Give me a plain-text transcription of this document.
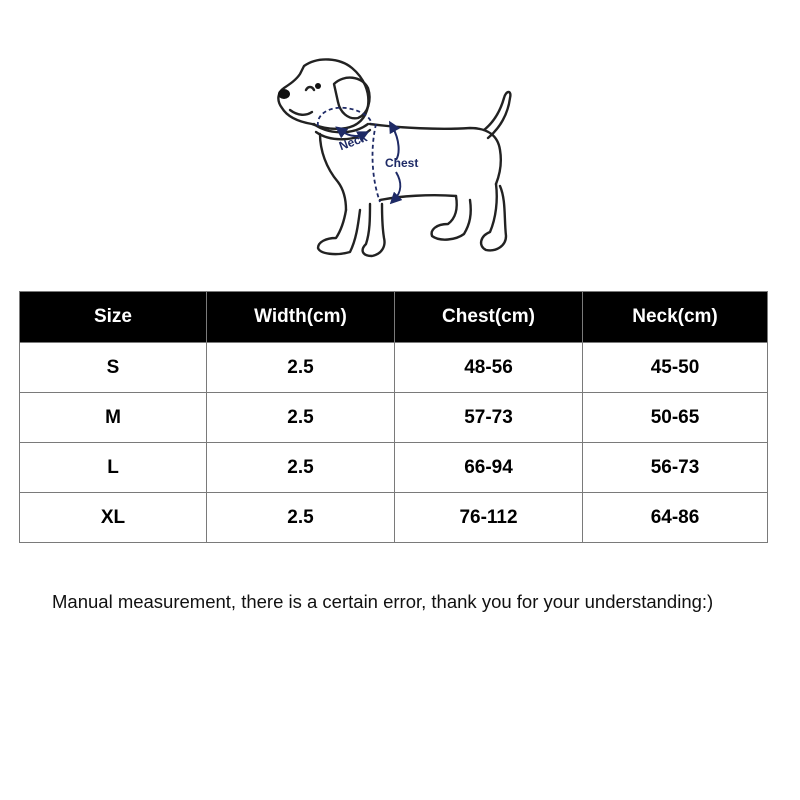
Neck
Chest
Size	Width(cm)	Chest(cm)	Neck(cm)
S	2.5	48-56	45-50
M	2.5	57-73	50-65
L	2.5	66-94	56-73
XL	2.5	76-112	64-86
Manual measurement, there is a certain error, thank you for your understanding:)
